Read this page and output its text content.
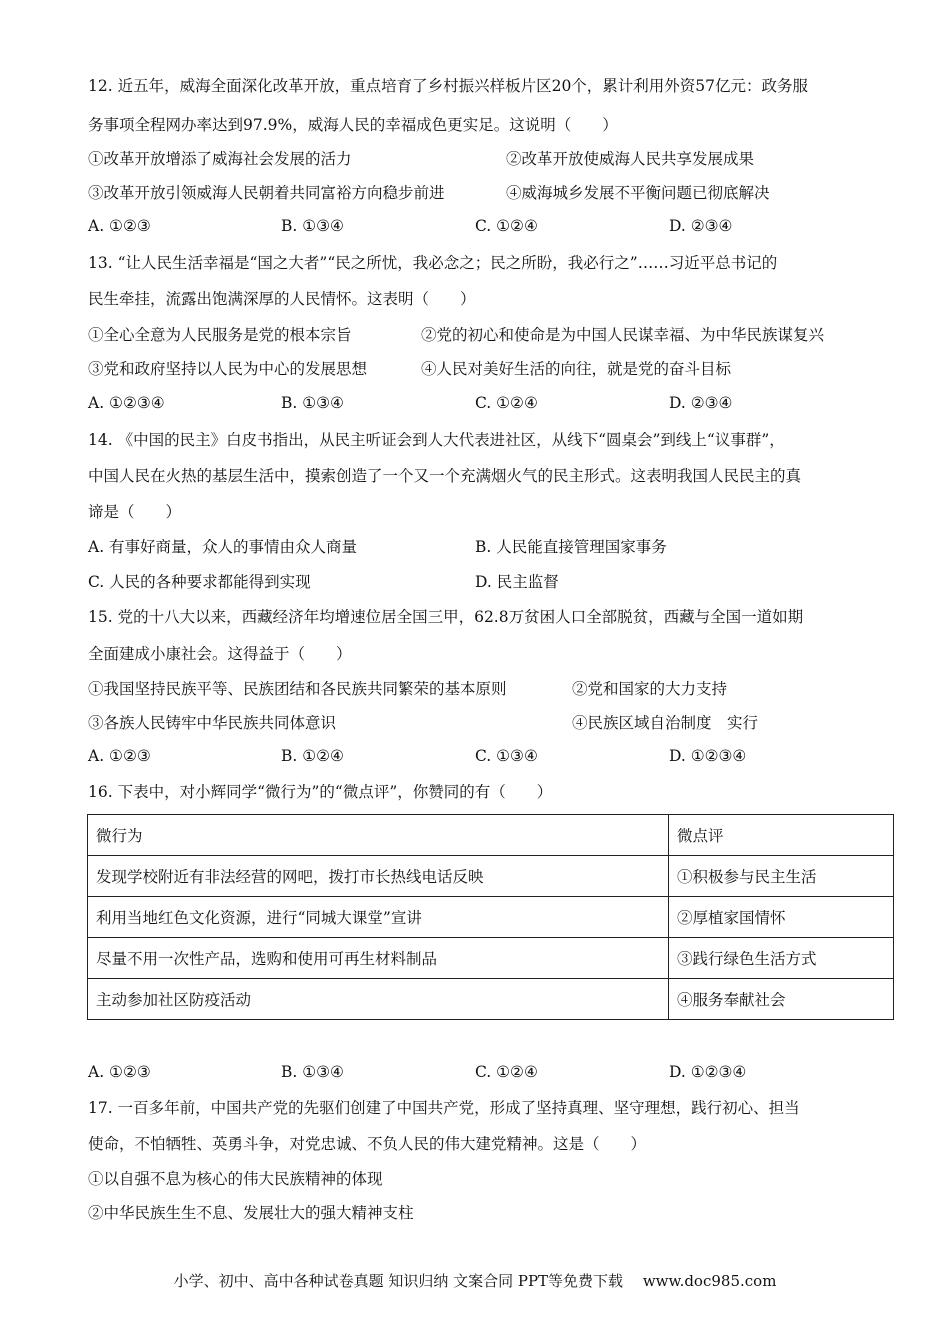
12. 近五年，威海全面深化改革开放，重点培育了乡村振兴样板片区20个，累计利用外资57亿元：政务服
务事项全程网办率达到97.9%，威海人民的幸福成色更实足。这说明（　　）
①改革开放增添了威海社会发展的活力	②改革开放使威海人民共享发展成果
③改革开放引领威海人民朝着共同富裕方向稳步前进	④威海城乡发展不平衡问题已彻底解决
A. ①②③	B. ①③④	C. ①②④	D. ②③④
13. “让人民生活幸福是“国之大者”“民之所忧，我必念之；民之所盼，我必行之”……习近平总书记的
民生牵挂，流露出饱满深厚的人民情怀。这表明（　　）
①全心全意为人民服务是党的根本宗旨	②党的初心和使命是为中国人民谋幸福、为中华民族谋复兴
③党和政府坚持以人民为中心的发展思想	④人民对美好生活的向往，就是党的奋斗目标
A. ①②③④	B. ①③④	C. ①②④	D. ②③④
14. 《中国的民主》白皮书指出，从民主听证会到人大代表进社区，从线下“圆桌会”到线上“议事群”，
中国人民在火热的基层生活中，摸索创造了一个又一个充满烟火气的民主形式。这表明我国人民民主的真
谛是（　　）
A. 有事好商量，众人的事情由众人商量	B. 人民能直接管理国家事务
C. 人民的各种要求都能得到实现	D. 民主监督
15. 党的十八大以来，西藏经济年均增速位居全国三甲，62.8万贫困人口全部脱贫，西藏与全国一道如期
全面建成小康社会。这得益于（　　）
①我国坚持民族平等、民族团结和各民族共同繁荣的基本原则	②党和国家的大力支持
③各族人民铸牢中华民族共同体意识	④民族区域自治制度　实行
A. ①②③	B. ①②④	C. ①③④	D. ①②③④
16. 下表中，对小辉同学“微行为”的“微点评”，你赞同的有（　　）
微行为	微点评
发现学校附近有非法经营的网吧，拨打市长热线电话反映	①积极参与民主生活
利用当地红色文化资源，进行“同城大课堂”宣讲	②厚植家国情怀
尽量不用一次性产品，选购和使用可再生材料制品	③践行绿色生活方式
主动参加社区防疫活动	④服务奉献社会
A. ①②③	B. ①③④	C. ①②④	D. ①②③④
17. 一百多年前，中国共产党的先驱们创建了中国共产党，形成了坚持真理、坚守理想，践行初心、担当
使命，不怕牺牲、英勇斗争，对党忠诚、不负人民的伟大建党精神。这是（　　）
①以自强不息为核心的伟大民族精神的体现
②中华民族生生不息、发展壮大的强大精神支柱
小学、初中、高中各种试卷真题 知识归纳 文案合同 PPT等免费下载　 www.doc985.com
